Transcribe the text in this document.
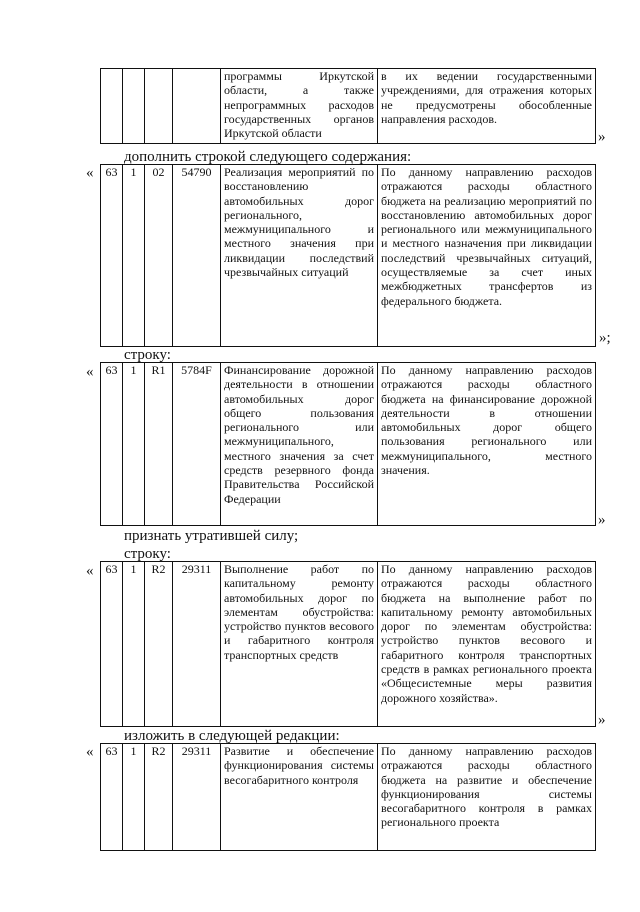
				программы Иркутской области, а также непрограммных расходов государственных органов Иркутской области	в их ведении государственными учреждениями, для отражения которых не предусмотрены обособленные направления расходов.
»
дополнить строкой следующего содержания:
« 63	1	02	54790	Реализация мероприятий по восстановлению автомобильных дорог регионального, межмуниципального и местного значения при ликвидации последствий чрезвычайных ситуаций	По данному направлению расходов отражаются расходы областного бюджета на реализацию мероприятий по восстановлению автомобильных дорог регионального или межмуниципального и местного назначения при ликвидации последствий чрезвычайных ситуаций, осуществляемые за счет иных межбюджетных трансфертов из федерального бюджета.
»;
строку:
« 63	1	R1	5784F	Финансирование дорожной деятельности в отношении автомобильных дорог общего пользования регионального или межмуниципального, местного значения за счет средств резервного фонда Правительства Российской Федерации	По данному направлению расходов отражаются расходы областного бюджета на финансирование дорожной деятельности в отношении автомобильных дорог общего пользования регионального или межмуниципального, местного значения.
»
признать утратившей силу;
строку:
« 63	1	R2	29311	Выполнение работ по капитальному ремонту автомобильных дорог по элементам обустройства: устройство пунктов весового и габаритного контроля транспортных средств	По данному направлению расходов отражаются расходы областного бюджета на выполнение работ по капитальному ремонту автомобильных дорог по элементам обустройства: устройство пунктов весового и габаритного контроля транспортных средств в рамках регионального проекта «Общесистемные меры развития дорожного хозяйства».
»
изложить в следующей редакции:
« 63	1	R2	29311	Развитие и обеспечение функционирования системы весогабаритного контроля	По данному направлению расходов отражаются расходы областного бюджета на развитие и обеспечение функционирования системы весогабаритного контроля в рамках регионального проекта
